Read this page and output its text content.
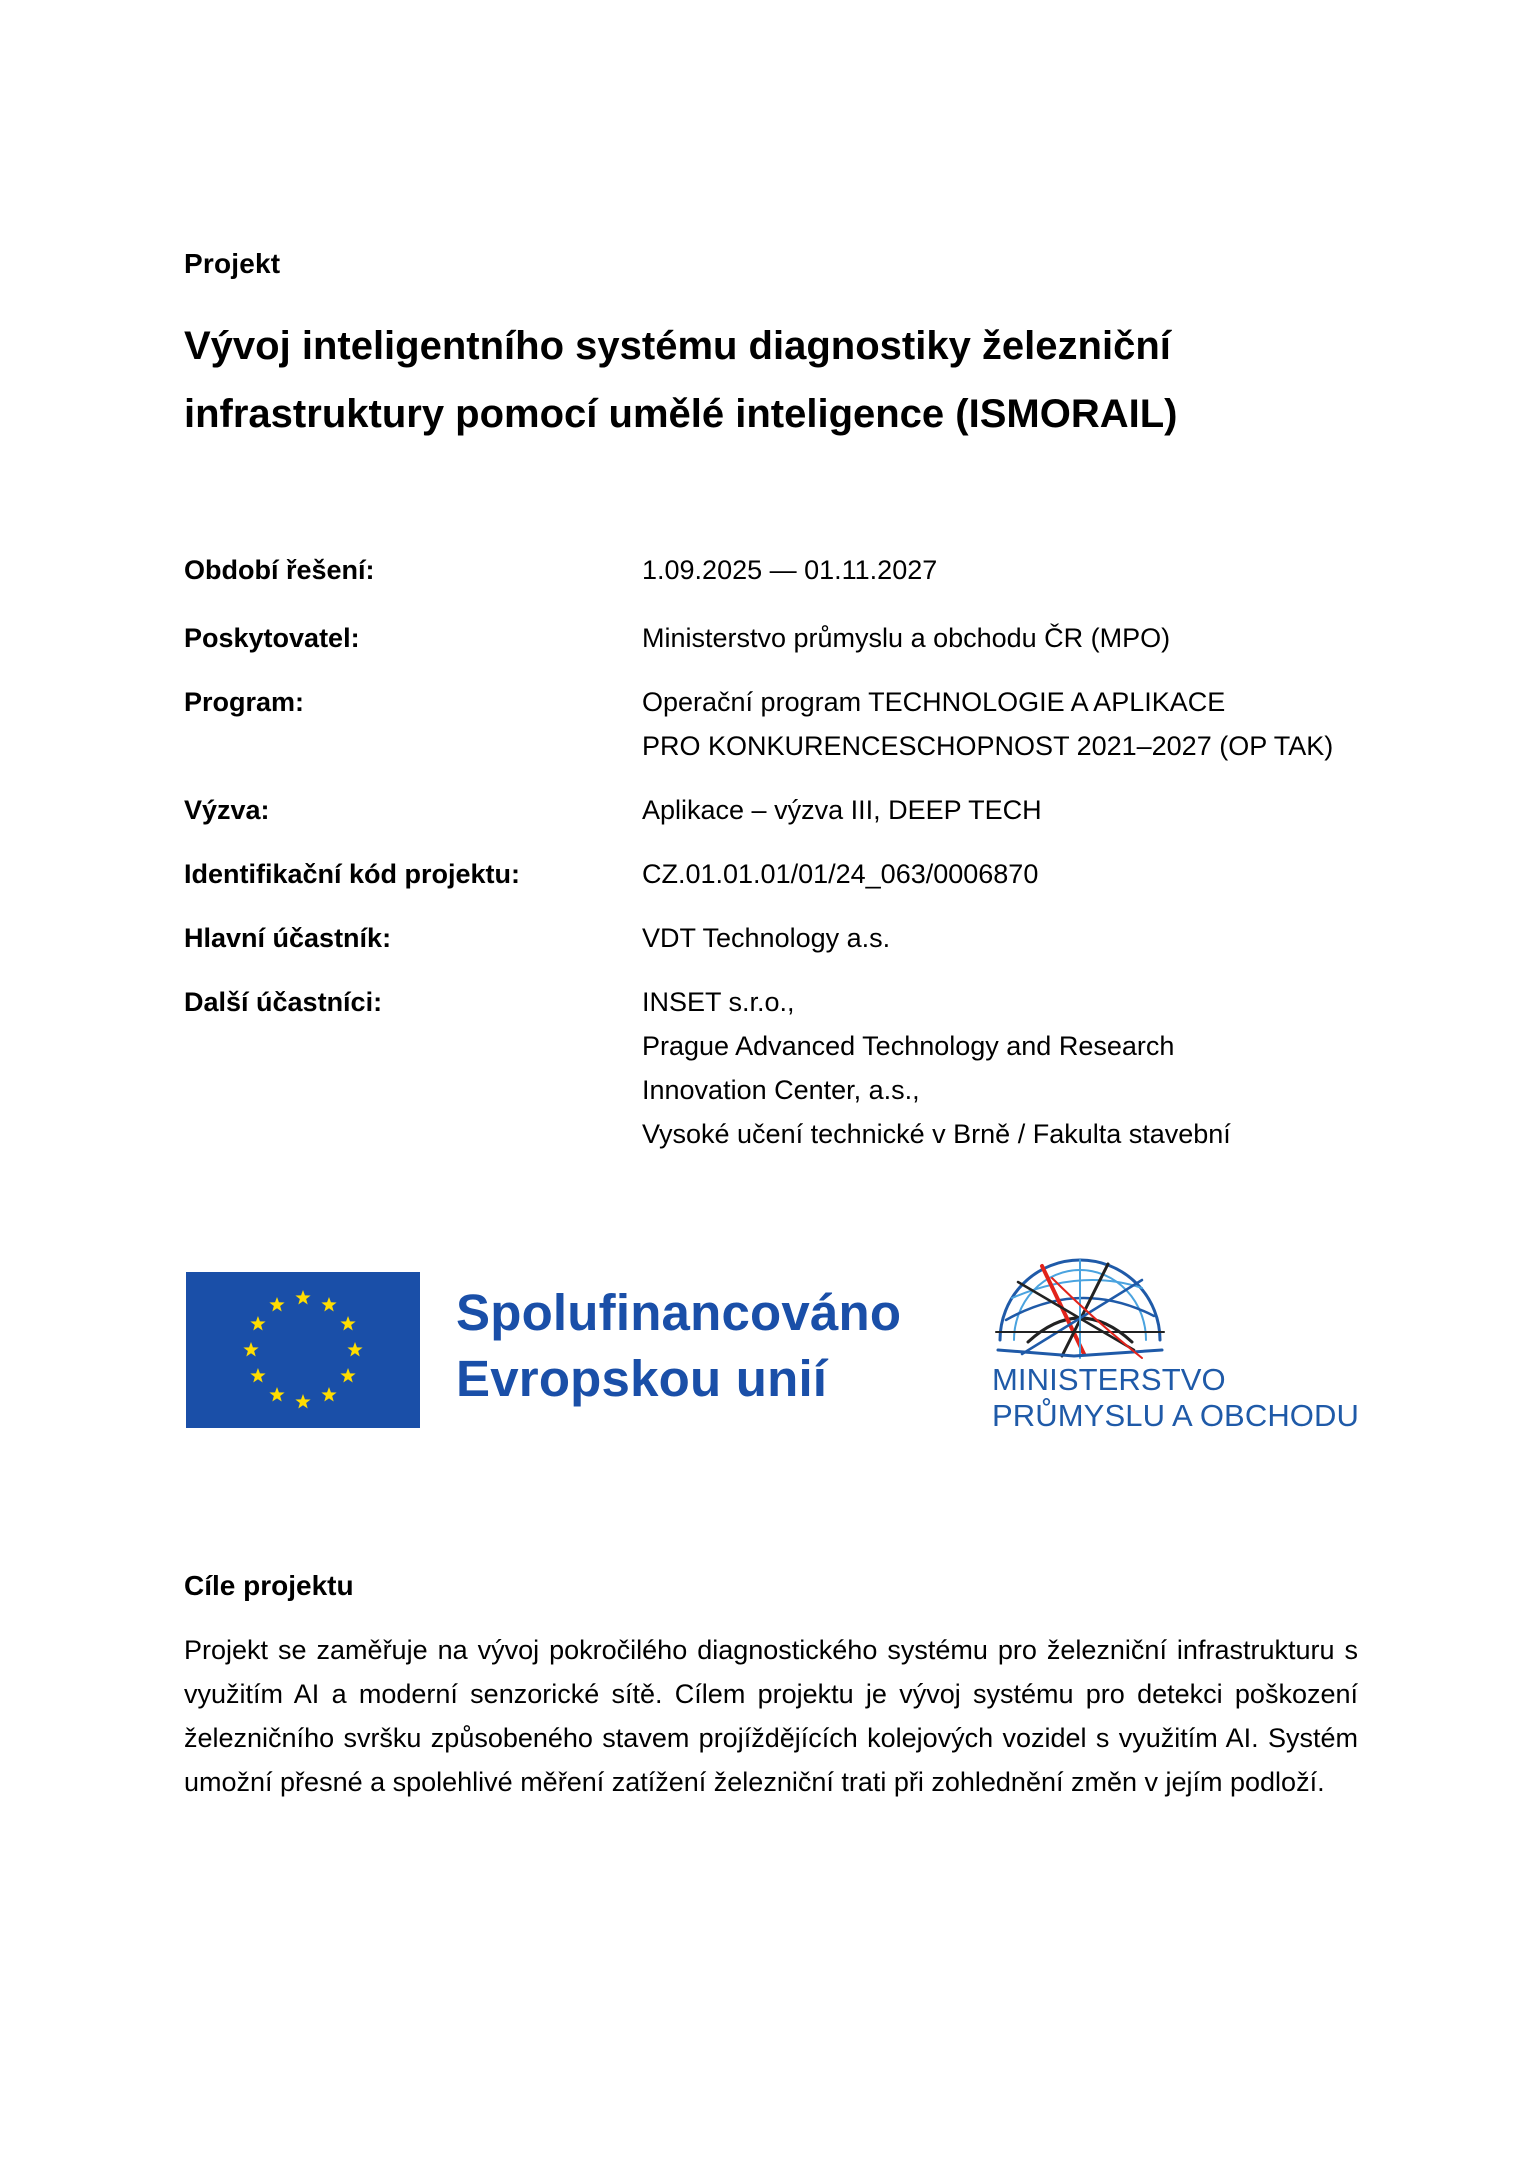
Projekt
Vývoj inteligentního systému diagnostiky železniční infrastruktury pomocí umělé inteligence (ISMORAIL)
Období řešení:	1.09.2025 — 01.11.2027
Poskytovatel:	Ministerstvo průmyslu a obchodu ČR (MPO)
Program:	Operační program TECHNOLOGIE A APLIKACE
PRO KONKURENCESCHOPNOST 2021–2027 (OP TAK)
Výzva:	Aplikace – výzva III, DEEP TECH
Identifikační kód projektu:	CZ.01.01.01/01/24_063/0006870
Hlavní účastník:	VDT Technology a.s.
Další účastníci:	INSET s.r.o.,
Prague Advanced Technology and Research
Innovation Center, a.s.,
Vysoké učení technické v Brně / Fakulta stavební
Spolufinancováno
Evropskou unií	MINISTERSTVO
PRŮMYSLU A OBCHODU
Cíle projektu
Projekt se zaměřuje na vývoj pokročilého diagnostického systému pro železniční infrastrukturu s využitím AI a moderní senzorické sítě. Cílem projektu je vývoj systému pro detekci poškození železničního svršku způsobeného stavem projíždějících kolejových vozidel s využitím AI. Systém umožní přesné a spolehlivé měření zatížení železniční trati při zohlednění změn v jejím podloží.
